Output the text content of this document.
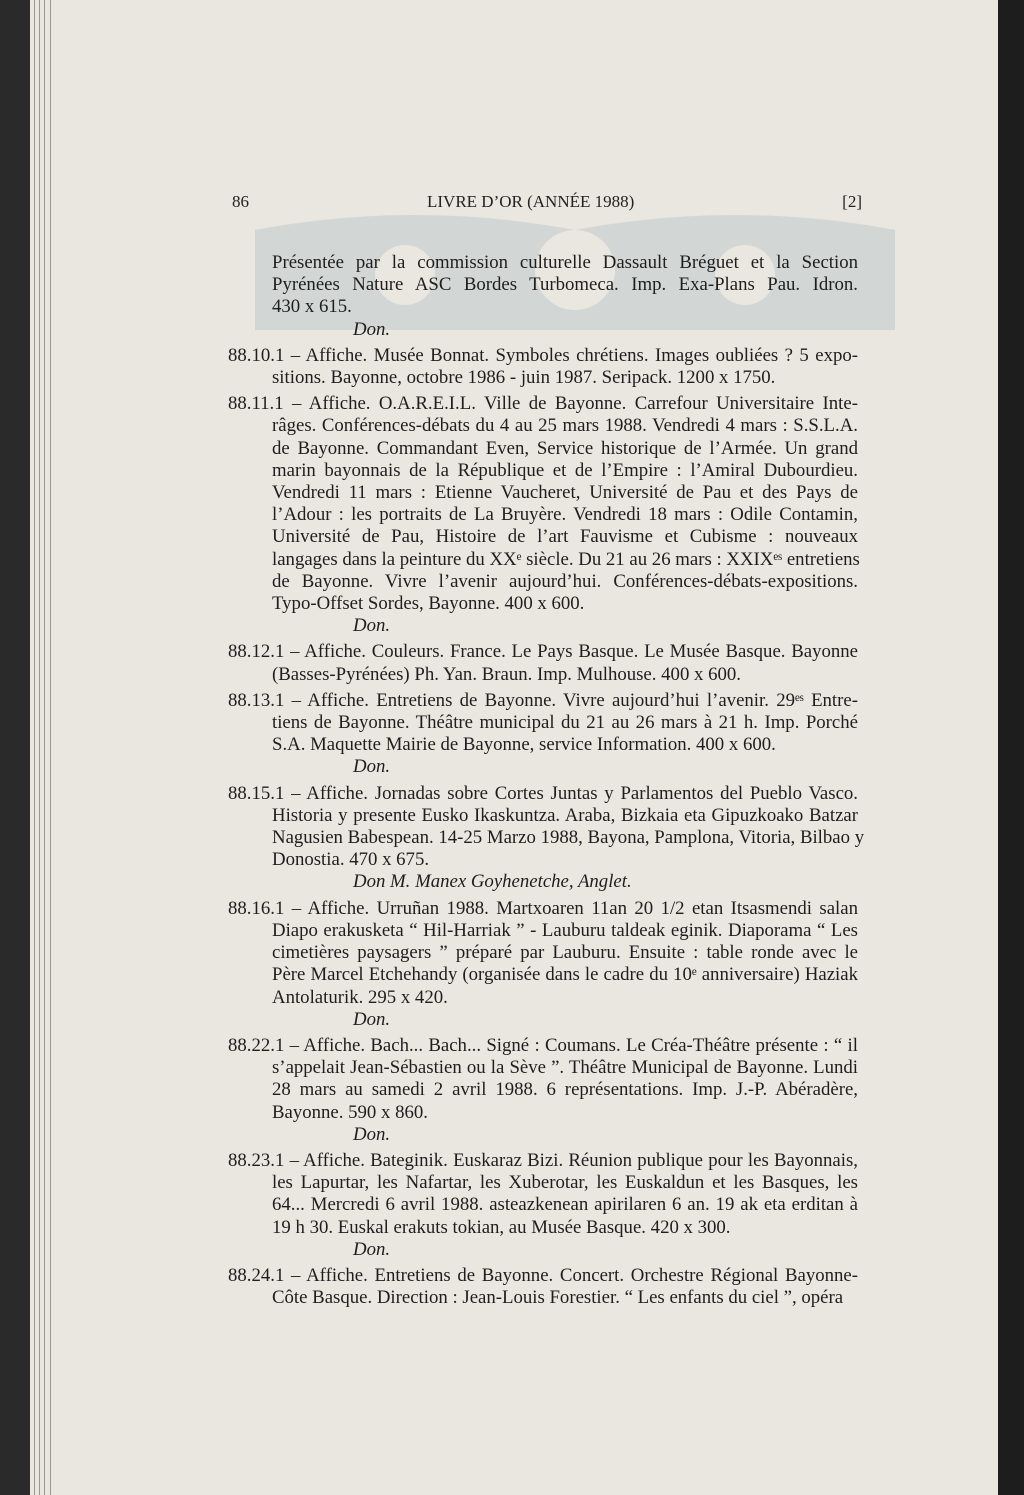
86	LIVRE D’OR (ANNÉE 1988)	[2]
Présentée par la commission culturelle Dassault Bréguet et la Section
Pyrénées Nature ASC Bordes Turbomeca. Imp. Exa-Plans Pau. Idron.
430 x 615.
Don.
88.10.1 – Affiche. Musée Bonnat. Symboles chrétiens. Images oubliées ? 5 expo-
sitions. Bayonne, octobre 1986 - juin 1987. Seripack. 1200 x 1750.
88.11.1 – Affiche. O.A.R.E.I.L. Ville de Bayonne. Carrefour Universitaire Inte-
râges. Conférences-débats du 4 au 25 mars 1988. Vendredi 4 mars : S.S.L.A.
de Bayonne. Commandant Even, Service historique de l’Armée. Un grand
marin bayonnais de la République et de l’Empire : l’Amiral Dubourdieu.
Vendredi 11 mars : Etienne Vaucheret, Université de Pau et des Pays de
l’Adour : les portraits de La Bruyère. Vendredi 18 mars : Odile Contamin,
Université de Pau, Histoire de l’art Fauvisme et Cubisme : nouveaux
langages dans la peinture du XXᵉ siècle. Du 21 au 26 mars : XXIXᵉˢ entretiens
de Bayonne. Vivre l’avenir aujourd’hui. Conférences-débats-expositions.
Typo-Offset Sordes, Bayonne. 400 x 600.
Don.
88.12.1 – Affiche. Couleurs. France. Le Pays Basque. Le Musée Basque. Bayonne
(Basses-Pyrénées) Ph. Yan. Braun. Imp. Mulhouse. 400 x 600.
88.13.1 – Affiche. Entretiens de Bayonne. Vivre aujourd’hui l’avenir. 29ᵉˢ Entre-
tiens de Bayonne. Théâtre municipal du 21 au 26 mars à 21 h. Imp. Porché
S.A. Maquette Mairie de Bayonne, service Information. 400 x 600.
Don.
88.15.1 – Affiche. Jornadas sobre Cortes Juntas y Parlamentos del Pueblo Vasco.
Historia y presente Eusko Ikaskuntza. Araba, Bizkaia eta Gipuzkoako Batzar
Nagusien Babespean. 14-25 Marzo 1988, Bayona, Pamplona, Vitoria, Bilbao y
Donostia. 470 x 675.
Don M. Manex Goyhenetche, Anglet.
88.16.1 – Affiche. Urruñan 1988. Martxoaren 11an 20 1/2 etan Itsasmendi salan
Diapo erakusketa “ Hil-Harriak ” - Lauburu taldeak eginik. Diaporama “ Les
cimetières paysagers ” préparé par Lauburu. Ensuite : table ronde avec le
Père Marcel Etchehandy (organisée dans le cadre du 10ᵉ anniversaire) Haziak
Antolaturik. 295 x 420.
Don.
88.22.1 – Affiche. Bach... Bach... Signé : Coumans. Le Créa-Théâtre présente : “ il
s’appelait Jean-Sébastien ou la Sève ”. Théâtre Municipal de Bayonne. Lundi
28 mars au samedi 2 avril 1988. 6 représentations. Imp. J.-P. Abéradère,
Bayonne. 590 x 860.
Don.
88.23.1 – Affiche. Bateginik. Euskaraz Bizi. Réunion publique pour les Bayonnais,
les Lapurtar, les Nafartar, les Xuberotar, les Euskaldun et les Basques, les
64... Mercredi 6 avril 1988. asteazkenean apirilaren 6 an. 19 ak eta erditan à
19 h 30. Euskal erakuts tokian, au Musée Basque. 420 x 300.
Don.
88.24.1 – Affiche. Entretiens de Bayonne. Concert. Orchestre Régional Bayonne-
Côte Basque. Direction : Jean-Louis Forestier. “ Les enfants du ciel ”, opéra
